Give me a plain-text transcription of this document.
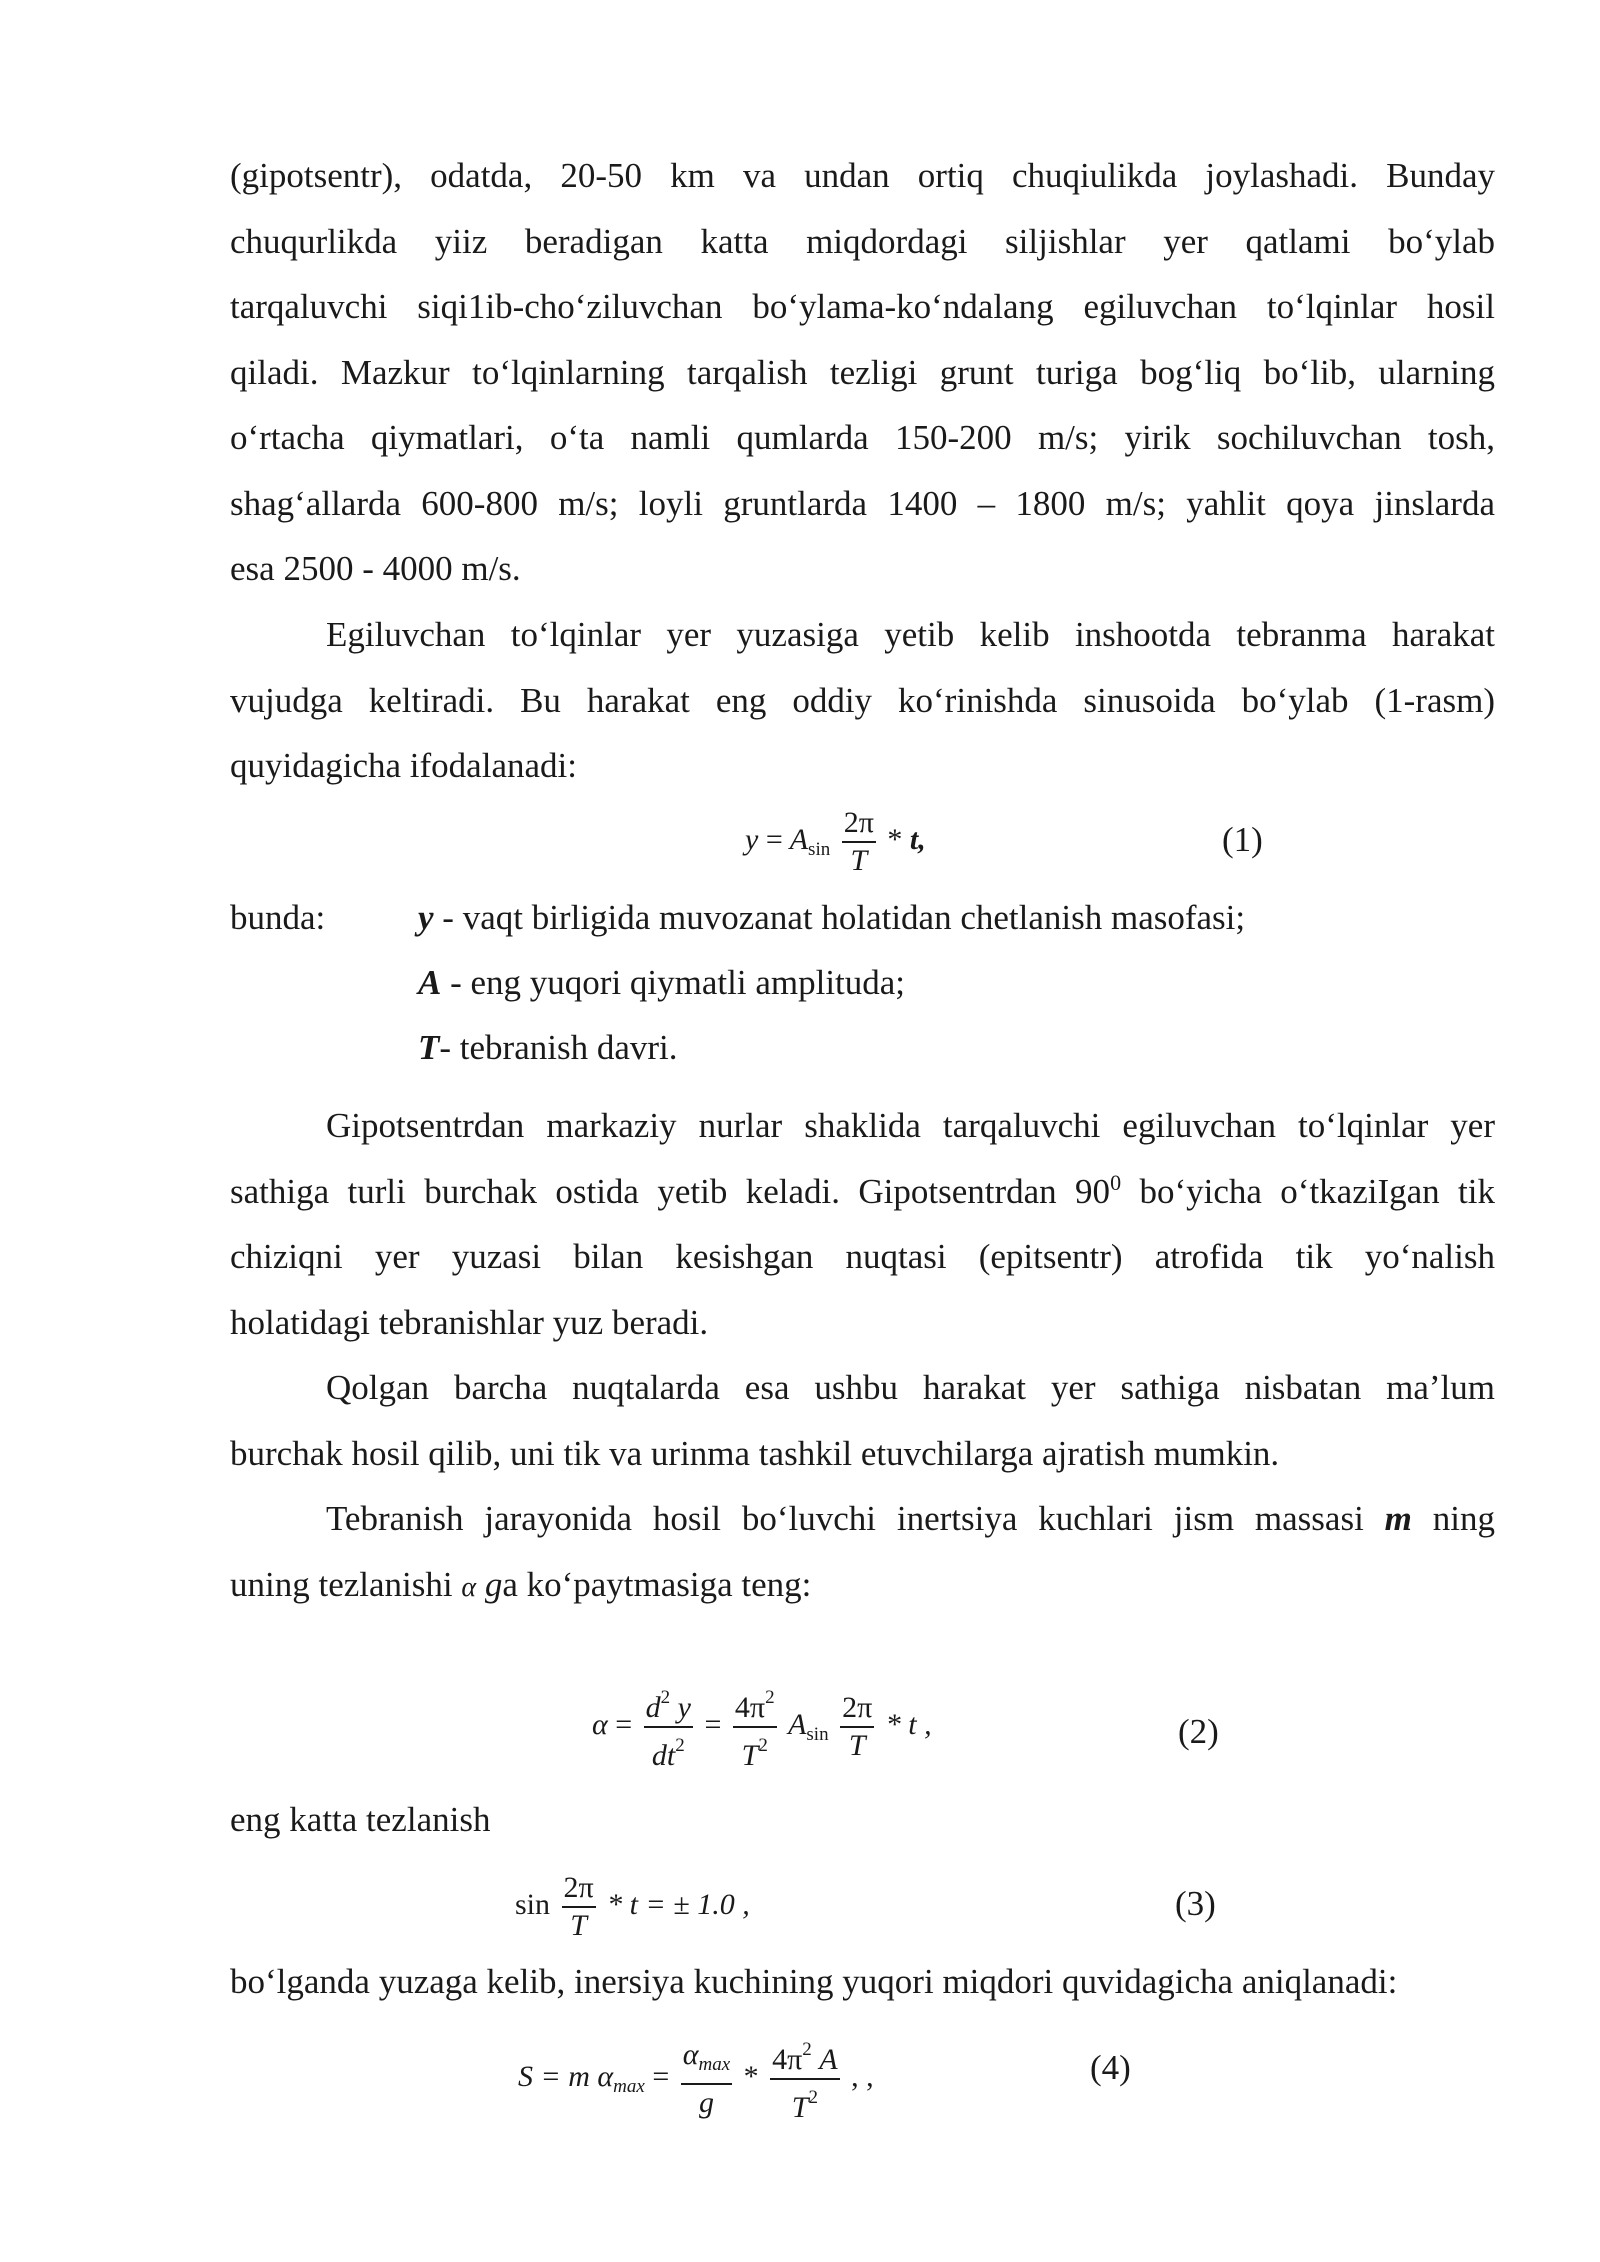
(gipotsentr), odatda, 20-50 km va undan ortiq chuqiulikda joylashadi. Bunday
chuqurlikda yiiz beradigan katta miqdordagi siljishlar yer qatlami bo‘ylab
tarqaluvchi siqi1ib-cho‘ziluvchan bo‘ylama-ko‘ndalang egiluvchan to‘lqinlar hosil
qiladi. Mazkur to‘lqinlarning tarqalish tezligi grunt turiga bog‘liq bo‘lib, ularning
o‘rtacha qiymatlari, o‘ta namli qumlarda 150-200 m/s; yirik sochiluvchan tosh,
shag‘allarda 600-800 m/s; loyli gruntlarda 1400 – 1800 m/s; yahlit qoya jinslarda
esa 2500 - 4000 m/s.
Egiluvchan to‘lqinlar yer yuzasiga yetib kelib inshootda tebranma harakat
vujudga keltiradi. Bu harakat eng oddiy ko‘rinishda sinusoida bo‘ylab (1-rasm)
quyidagicha ifodalanadi:
$y = A_{sin} \frac{2\pi}{T} * t$,	(1)
bunda:	y - vaqt birligida muvozanat holatidan chetlanish masofasi;
A - eng yuqori qiymatli amplituda;
T- tebranish davri.
Gipotsentrdan markaziy nurlar shaklida tarqaluvchi egiluvchan to‘lqinlar yer
sathiga turli burchak ostida yetib keladi. Gipotsentrdan $90^0$ bo‘yicha o‘tkaziIgan tik
chiziqni yer yuzasi bilan kesishgan nuqtasi (epitsentr) atrofida tik yo‘nalish
holatidagi tebranishlar yuz beradi.
Qolgan barcha nuqtalarda esa ushbu harakat yer sathiga nisbatan ma’lum
burchak hosil qilib, uni tik va urinma tashkil etuvchilarga ajratish mumkin.
Tebranish jarayonida hosil bo‘luvchi inertsiya kuchlari jism massasi m ning
uning tezlanishi α ga ko‘paytmasiga teng:
$\alpha = \frac{d^2 y}{dt^2} = \frac{4\pi^2}{T^2} A_{sin} \frac{2\pi}{T} * t$ ,	(2)
eng katta tezlanish
$\sin \frac{2\pi}{T}$ * t = ± 1.0 ,	(3)
bo‘lganda yuzaga kelib, inersiya kuchining yuqori miqdori quvidagicha aniqlanadi:
S = m $\alpha_{max} = \frac{\alpha_{max}}{g} * \frac{4\pi^2 A}{T^2}$ , ,	(4)
